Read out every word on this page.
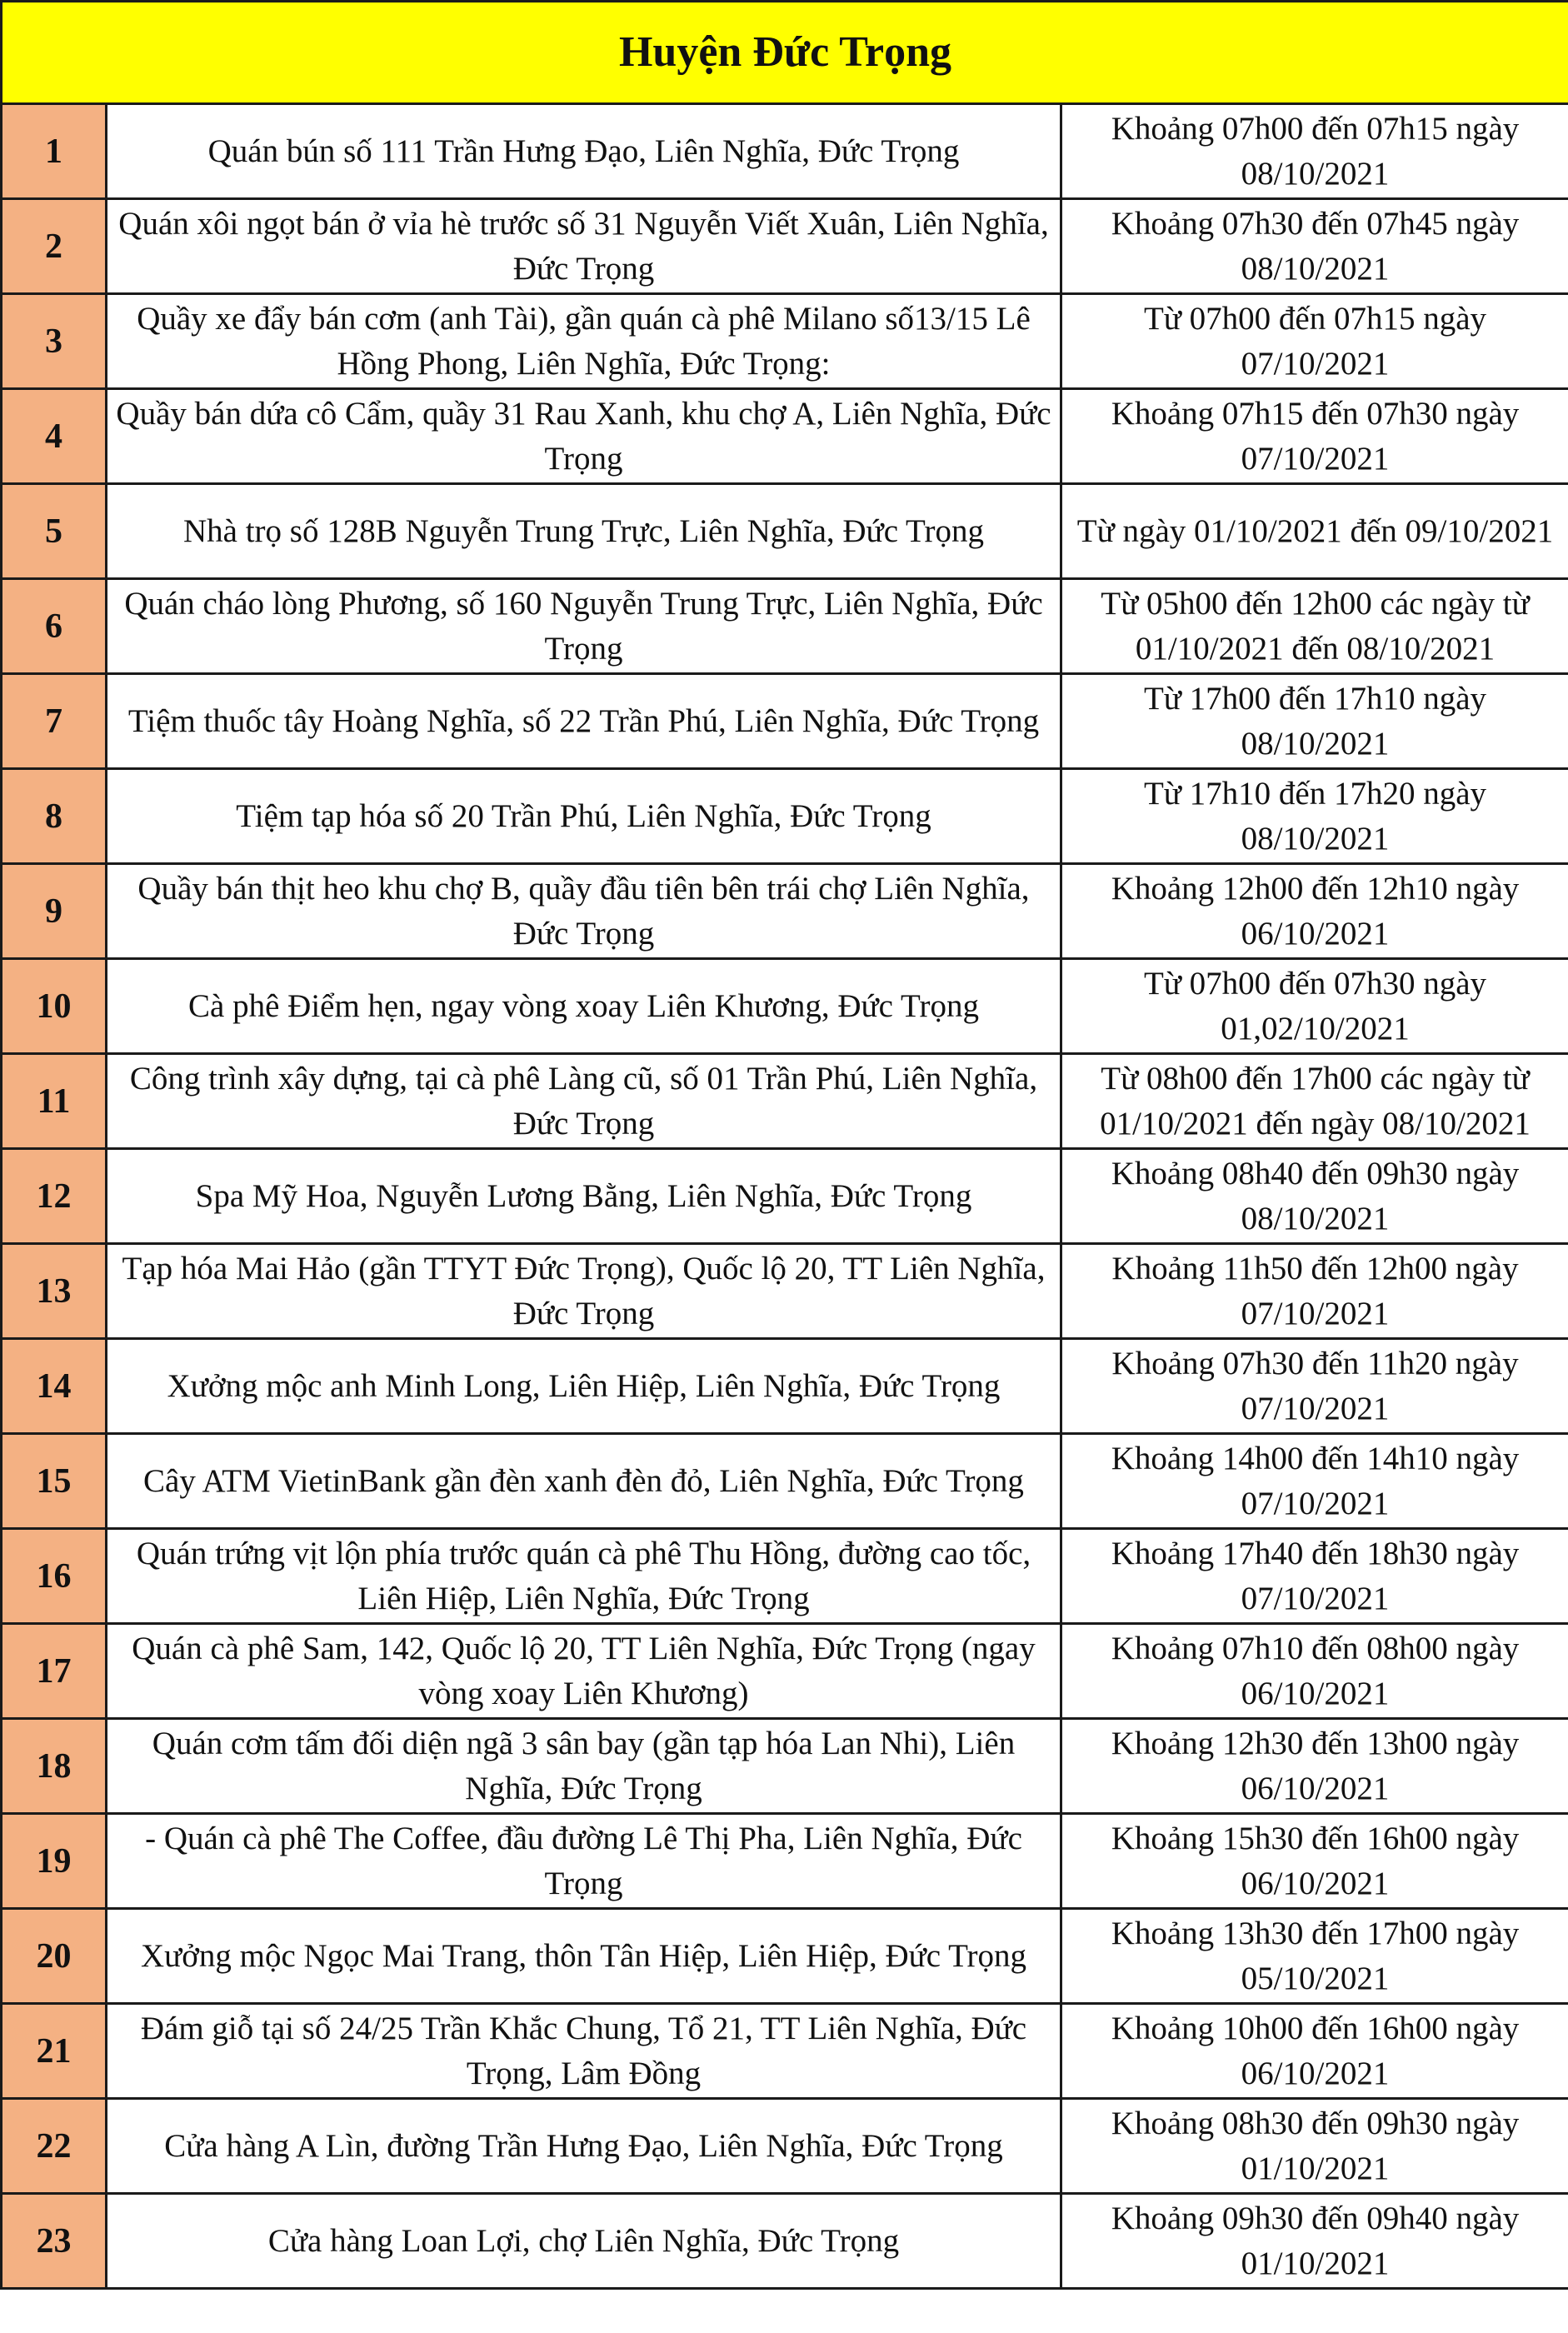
Huyện Đức Trọng		
1	Quán bún số 111 Trần Hưng Đạo, Liên Nghĩa, Đức Trọng	Khoảng 07h00 đến 07h15 ngày 08/10/2021
2	Quán xôi ngọt bán ở vỉa hè trước số 31 Nguyễn Viết Xuân, Liên Nghĩa, Đức Trọng	Khoảng 07h30 đến 07h45 ngày 08/10/2021
3	Quầy xe đẩy bán cơm (anh Tài), gần quán cà phê Milano số13/15 Lê Hồng Phong, Liên Nghĩa, Đức Trọng:	Từ 07h00 đến 07h15 ngày 07/10/2021
4	Quầy bán dứa cô Cẩm, quầy 31 Rau Xanh, khu chợ A, Liên Nghĩa, Đức Trọng	Khoảng 07h15 đến 07h30 ngày 07/10/2021
5	Nhà trọ số 128B Nguyễn Trung Trực, Liên Nghĩa, Đức Trọng	Từ ngày 01/10/2021 đến 09/10/2021
6	Quán cháo lòng Phương, số 160 Nguyễn Trung Trực, Liên Nghĩa, Đức Trọng	Từ 05h00 đến 12h00 các ngày từ 01/10/2021 đến 08/10/2021
7	Tiệm thuốc tây Hoàng Nghĩa, số 22 Trần Phú, Liên Nghĩa, Đức Trọng	Từ 17h00 đến 17h10 ngày 08/10/2021
8	Tiệm tạp hóa số 20 Trần Phú, Liên Nghĩa, Đức Trọng	Từ 17h10 đến 17h20 ngày 08/10/2021
9	Quầy bán thịt heo khu chợ B, quầy đầu tiên bên trái chợ Liên Nghĩa, Đức Trọng	Khoảng 12h00 đến 12h10 ngày 06/10/2021
10	Cà phê Điểm hẹn, ngay vòng xoay Liên Khương, Đức Trọng	Từ 07h00 đến 07h30 ngày 01,02/10/2021
11	Công trình xây dựng, tại cà phê Làng cũ, số 01 Trần Phú, Liên Nghĩa, Đức Trọng	Từ 08h00 đến 17h00 các ngày từ 01/10/2021 đến ngày 08/10/2021
12	Spa Mỹ Hoa, Nguyễn Lương Bằng, Liên Nghĩa, Đức Trọng	Khoảng 08h40 đến 09h30 ngày 08/10/2021
13	Tạp hóa Mai Hảo (gần TTYT Đức Trọng), Quốc lộ 20, TT Liên Nghĩa, Đức Trọng	Khoảng 11h50 đến 12h00 ngày 07/10/2021
14	Xưởng mộc anh Minh Long, Liên Hiệp, Liên Nghĩa, Đức Trọng	Khoảng 07h30 đến 11h20 ngày 07/10/2021
15	Cây ATM VietinBank gần đèn xanh đèn đỏ, Liên Nghĩa, Đức Trọng	Khoảng 14h00 đến 14h10 ngày 07/10/2021
16	Quán trứng vịt lộn phía trước quán cà phê Thu Hồng, đường cao tốc, Liên Hiệp, Liên Nghĩa, Đức Trọng	Khoảng 17h40 đến 18h30 ngày 07/10/2021
17	Quán cà phê Sam, 142, Quốc lộ 20, TT Liên Nghĩa, Đức Trọng (ngay vòng xoay Liên Khương)	Khoảng 07h10 đến 08h00 ngày 06/10/2021
18	Quán cơm tấm đối diện ngã 3 sân bay (gần tạp hóa Lan Nhi), Liên Nghĩa, Đức Trọng	Khoảng 12h30 đến 13h00 ngày 06/10/2021
19	- Quán cà phê The Coffee, đầu đường Lê Thị Pha, Liên Nghĩa, Đức Trọng	Khoảng 15h30 đến 16h00 ngày 06/10/2021
20	Xưởng mộc Ngọc Mai Trang, thôn Tân Hiệp, Liên Hiệp, Đức Trọng	Khoảng 13h30 đến 17h00 ngày 05/10/2021
21	Đám giỗ tại số 24/25 Trần Khắc Chung, Tổ 21, TT Liên Nghĩa, Đức Trọng, Lâm Đồng	Khoảng 10h00 đến 16h00 ngày 06/10/2021
22	Cửa hàng A Lìn, đường Trần Hưng Đạo, Liên Nghĩa, Đức Trọng	Khoảng 08h30 đến 09h30 ngày 01/10/2021
23	Cửa hàng Loan Lợi, chợ Liên Nghĩa, Đức Trọng	Khoảng 09h30 đến 09h40 ngày 01/10/2021
